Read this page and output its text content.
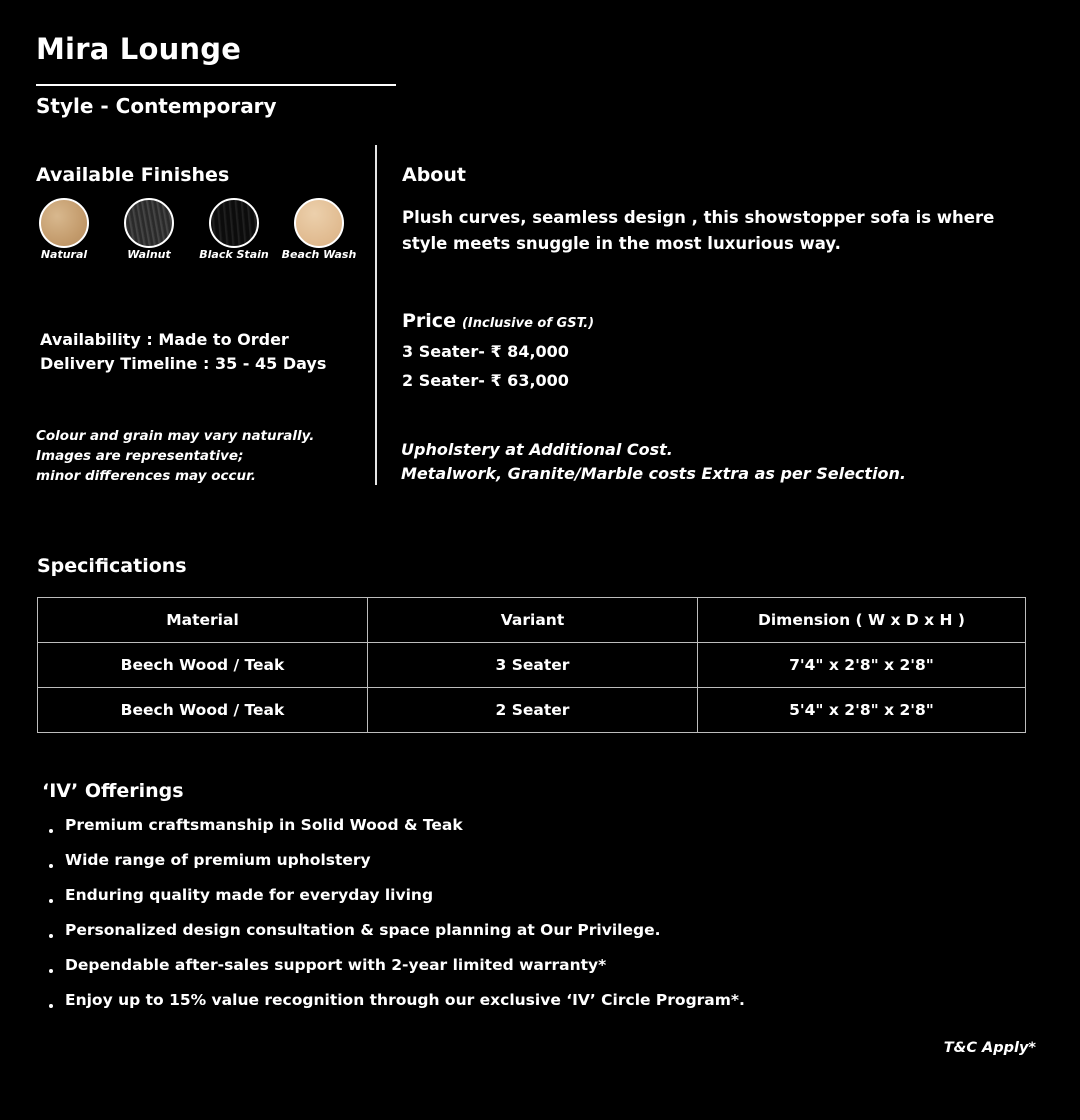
Mira Lounge
Style - Contemporary
Available Finishes
Natural	Walnut	Black Stain	Beach Wash
Availability : Made to Order
Delivery Timeline : 35 - 45 Days
Colour and grain may vary naturally.
Images are representative;
minor differences may occur.
About
Plush curves, seamless design , this showstopper sofa is where style meets snuggle in the most luxurious way.
Price (Inclusive of GST.)
3 Seater- ₹ 84,000
2 Seater- ₹ 63,000
Upholstery at Additional Cost.
Metalwork, Granite/Marble costs Extra as per Selection.
Specifications
Material	Variant	Dimension ( W x D x H )
Beech Wood / Teak	3 Seater	7'4" x 2'8" x 2'8"
Beech Wood / Teak	2 Seater	5'4" x 2'8" x 2'8"
‘IV’ Offerings
Premium craftsmanship in Solid Wood & Teak
Wide range of premium upholstery
Enduring quality made for everyday living
Personalized design consultation & space planning at Our Privilege.
Dependable after-sales support with 2-year limited warranty*
Enjoy up to 15% value recognition through our exclusive ‘IV’ Circle Program*.
T&C Apply*
